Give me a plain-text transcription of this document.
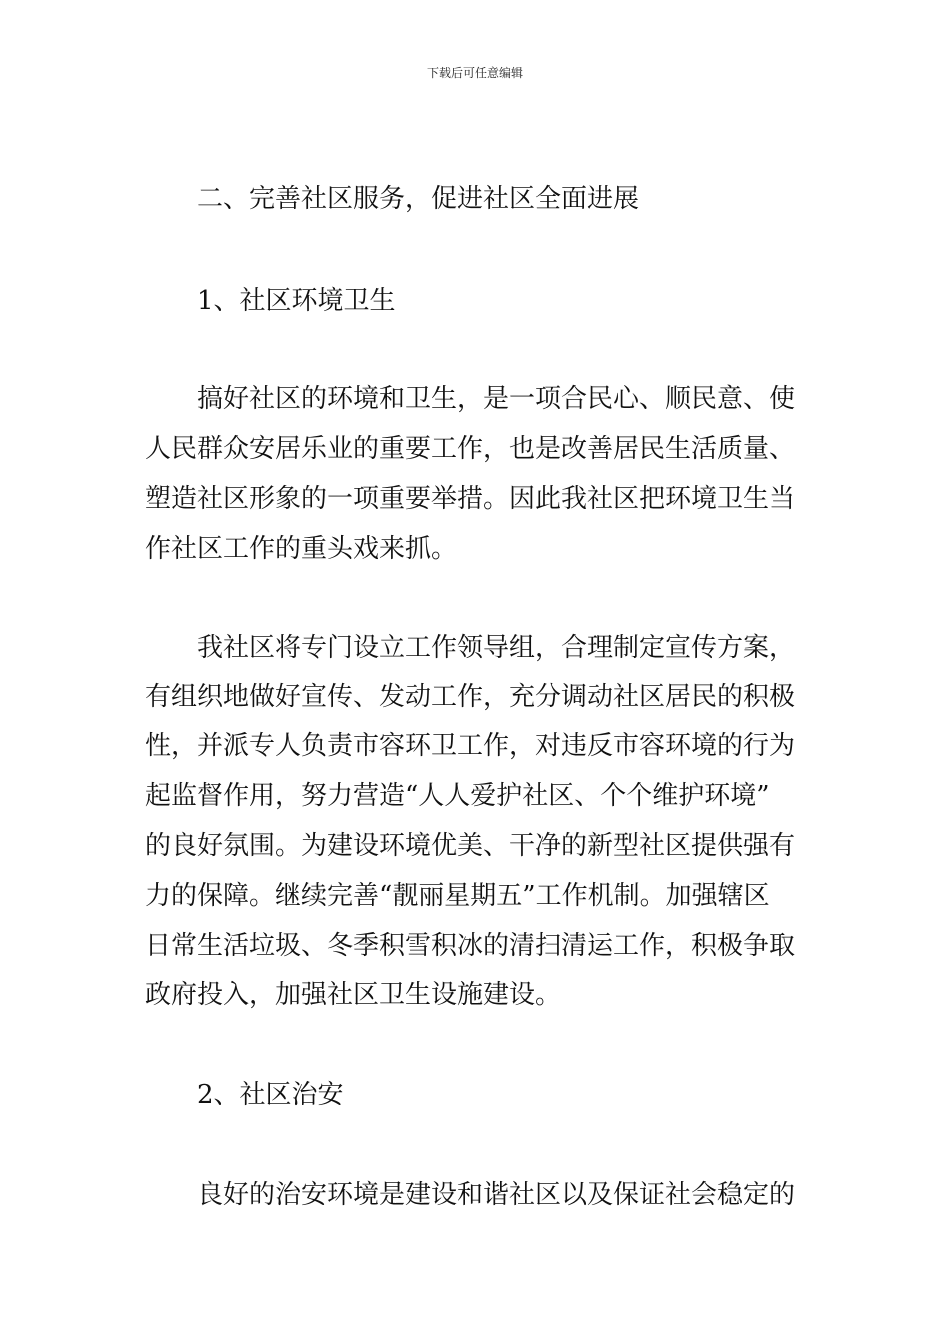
下载后可任意编辑
二、完善社区服务，促进社区全面进展
1、社区环境卫生
搞好社区的环境和卫生，是一项合民心、顺民意、使
人民群众安居乐业的重要工作，也是改善居民生活质量、
塑造社区形象的一项重要举措。因此我社区把环境卫生当
作社区工作的重头戏来抓。
我社区将专门设立工作领导组，合理制定宣传方案，
有组织地做好宣传、发动工作，充分调动社区居民的积极
性，并派专人负责市容环卫工作，对违反市容环境的行为
起监督作用，努力营造“人人爱护社区、个个维护环境”
的良好氛围。为建设环境优美、干净的新型社区提供强有
力的保障。继续完善“靓丽星期五”工作机制。加强辖区
日常生活垃圾、冬季积雪积冰的清扫清运工作，积极争取
政府投入，加强社区卫生设施建设。
2、社区治安
良好的治安环境是建设和谐社区以及保证社会稳定的
